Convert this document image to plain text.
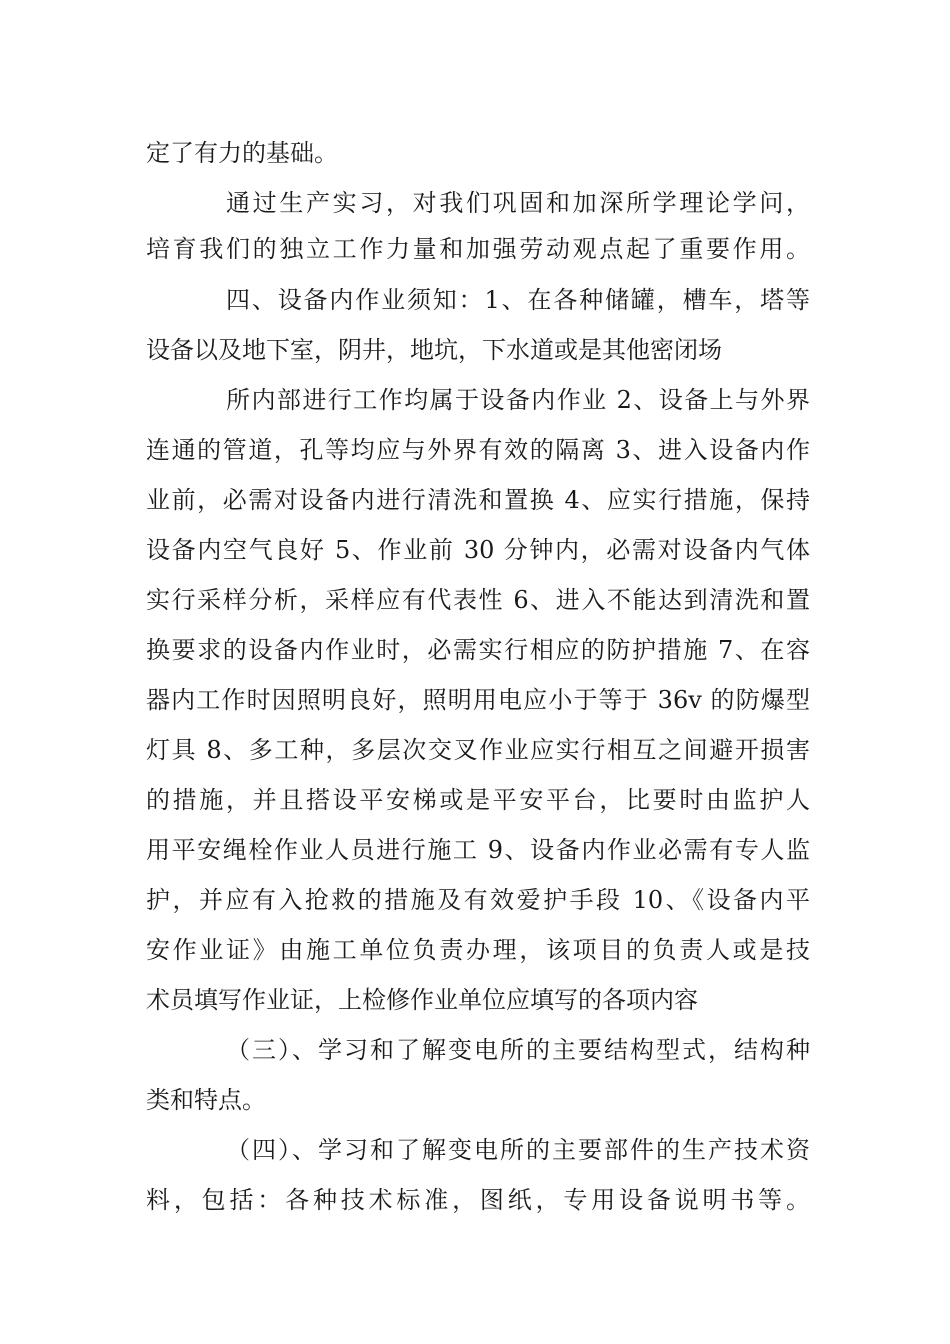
定了有力的基础。
通过生产实习，对我们巩固和加深所学理论学问，
培育我们的独立工作力量和加强劳动观点起了重要作用。
四、设备内作业须知：1、在各种储罐，槽车，塔等
设备以及地下室，阴井，地坑，下水道或是其他密闭场
所内部进行工作均属于设备内作业 2、设备上与外界
连通的管道，孔等均应与外界有效的隔离 3、进入设备内作
业前，必需对设备内进行清洗和置换 4、应实行措施，保持
设备内空气良好 5、作业前 30 分钟内，必需对设备内气体
实行采样分析，采样应有代表性 6、进入不能达到清洗和置
换要求的设备内作业时，必需实行相应的防护措施 7、在容
器内工作时因照明良好，照明用电应小于等于 36v 的防爆型
灯具 8、多工种，多层次交叉作业应实行相互之间避开损害
的措施，并且搭设平安梯或是平安平台，比要时由监护人
用平安绳栓作业人员进行施工 9、设备内作业必需有专人监
护，并应有入抢救的措施及有效爱护手段 10、《设备内平
安作业证》由施工单位负责办理，该项目的负责人或是技
术员填写作业证，上检修作业单位应填写的各项内容
（三）、学习和了解变电所的主要结构型式，结构种
类和特点。
（四）、学习和了解变电所的主要部件的生产技术资
料，包括：各种技术标准，图纸，专用设备说明书等。
